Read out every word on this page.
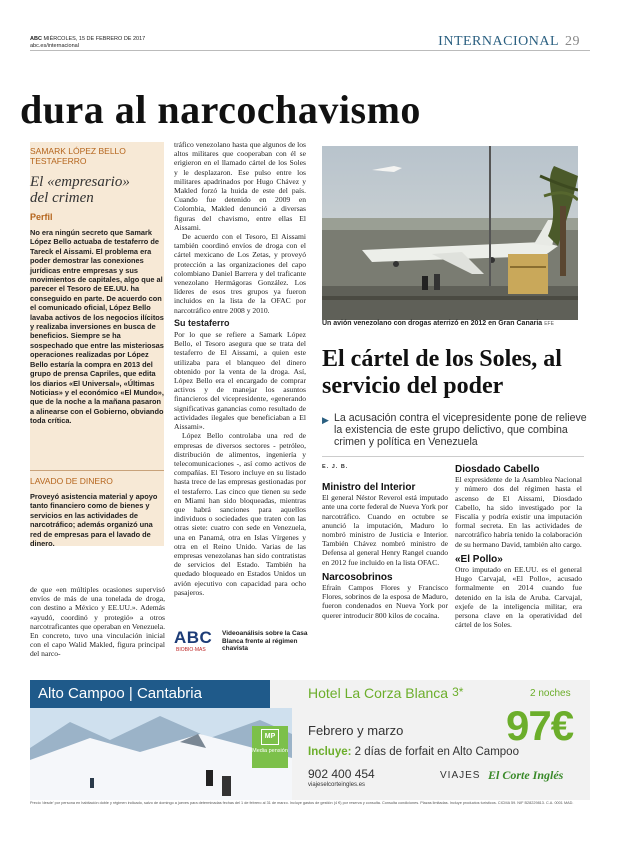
ABC MIÉRCOLES, 15 DE FEBRERO DE 2017
abc.es/internacional	INTERNACIONAL 29
dura al narcochavismo
SAMARK LÓPEZ BELLO
TESTAFERRO
El «empresario»
del crimen
Perfil
No era ningún secreto que Samark López Bello actuaba de testaferro de Tareck el Aissami. El problema era poder demostrar las conexiones jurídicas entre empresas y sus movimientos de capitales, algo que al parecer el Tesoro de EE.UU. ha conseguido en parte. De acuerdo con el comunicado oficial, López Bello lavaba activos de los negocios ilícitos y realizaba inversiones en busca de beneficios. Siempre se ha sospechado que entre las misteriosas operaciones realizadas por López Bello estaría la compra en 2013 del grupo de prensa Capriles, que edita los diarios «El Universal», «Últimas Noticias» y el económico «El Mundo», que de la noche a la mañana pasaron a alinearse con el Gobierno, obviando toda crítica.
LAVADO DE DINERO
Proveyó asistencia material y apoyo tanto financiero como de bienes y servicios en las actividades de narcotráfico; además organizó una red de empresas para el lavado de dinero.
de que «en múltiples ocasiones supervisó envíos de más de una tonelada de droga, con destino a México y EE.UU.». Además «ayudó, coordinó y protegió» a otros narcotraficantes que operaban en Venezuela. En concreto, tuvo una vinculación inicial con el capo Walid Makled, figura principal del narco-
tráfico venezolano hasta que algunos de los altos militares que cooperaban con él se erigieron en el llamado cártel de los Soles y le desplazaron. Ese pulso entre los militares apadrinados por Hugo Chávez y Makled forzó la huida de este del país. Cuando fue detenido en 2009 en Colombia, Makled denunció a diversas figuras del chavismo, entre ellas El Aissami.
De acuerdo con el Tesoro, El Aissami también coordinó envíos de droga con el cártel mexicano de Los Zetas, y proveyó protección a las organizaciones del capo colombiano Daniel Barrera y del traficante venezolano Hermágoras González. Los líderes de esos tres grupos ya fueron incluidos en la lista de la OFAC por narcotráfico entre 2008 y 2010.
Su testaferro
Por lo que se refiere a Samark López Bello, el Tesoro asegura que se trata del testaferro de El Aissami, a quien este utilizaba para el blanqueo del dinero obtenido por la venta de la droga. Así, López Bello era el encargado de comprar activos y de manejar los asuntos financieros del vicepresidente, «generando significativas ganancias como resultado de actividades ilegales que beneficiaban a El Aissami».
López Bello controlaba una red de empresas de diversos sectores - petróleo, distribución de alimentos, ingeniería y telecomunicaciones -, así como activos de compañías. El Tesoro incluye en su listado hasta trece de las empresas gestionadas por el testaferro. Las cinco que tienen su sede en Miami han sido bloqueadas, mientras que habrá sanciones para aquellos individuos o sociedades que traten con las otras siete: cuatro con sede en Venezuela, una en Panamá, otra en Islas Vírgenes y otra en el Reino Unido. Varias de las empresas venezolanas han sido contratistas de servicios del Estado. También ha quedado bloqueado en Estados Unidos un avión ejecutivo con capacidad para ocho pasajeros.
ABC
BIOBIO·MAS
Videoanálisis sobre la Casa Blanca frente al régimen chavista
Un avión venezolano con drogas aterrizó en 2012 en Gran Canaria EFE
El cártel de los Soles, al servicio del poder
▶ La acusación contra el vicepresidente pone de relieve la existencia de este grupo delictivo, que combina crimen y política en Venezuela
E. J. B.
Ministro del Interior
El general Néstor Reverol está imputado ante una corte federal de Nueva York por narcotráfico. Cuando en octubre se anunció la imputación, Maduro lo nombró ministro de Justicia e Interior. También Chávez nombró ministro de Defensa al general Henry Rangel cuando en 2012 fue incluido en la lista OFAC.
Narcosobrinos
Efraín Campos Flores y Francisco Flores, sobrinos de la esposa de Maduro, fueron condenados en Nueva York por querer introducir 800 kilos de cocaína.
Diosdado Cabello
El expresidente de la Asamblea Nacional y número dos del régimen hasta el ascenso de El Aissami, Diosdado Cabello, ha sido investigado por la Fiscalía y podría existir una imputación formal secreta. En las actividades de narcotráfico habría tenido la colaboración de su hermano David, también alto cargo.
«El Pollo»
Otro imputado en EE.UU. es el general Hugo Carvajal, «El Pollo», acusado formalmente en 2014 cuando fue detenido en la isla de Aruba. Carvajal, exjefe de la inteligencia militar, era persona clave en la operatividad del cártel de los Soles.
Alto Campoo | Cantabria
MP
Media pensión
Hotel La Corza Blanca 3*	2 noches
Febrero y marzo 97€
Incluye: 2 días de forfait en Alto Campoo
902 400 454
viajeselcorteingles.es
VIAJES El Corte Inglés
Precio 'desde' por persona en habitación doble y régimen indicado, salvo de domingo a jueves para determinadas fechas del 1 de febrero al 31 de marzo. Incluye gastos de gestión (4 €) por reserva y consulta. Consulta condiciones. Plazas limitadas. Incluye productos turísticos. CICMA 59. NIF B28229813. C.A. 0001 MAD.
